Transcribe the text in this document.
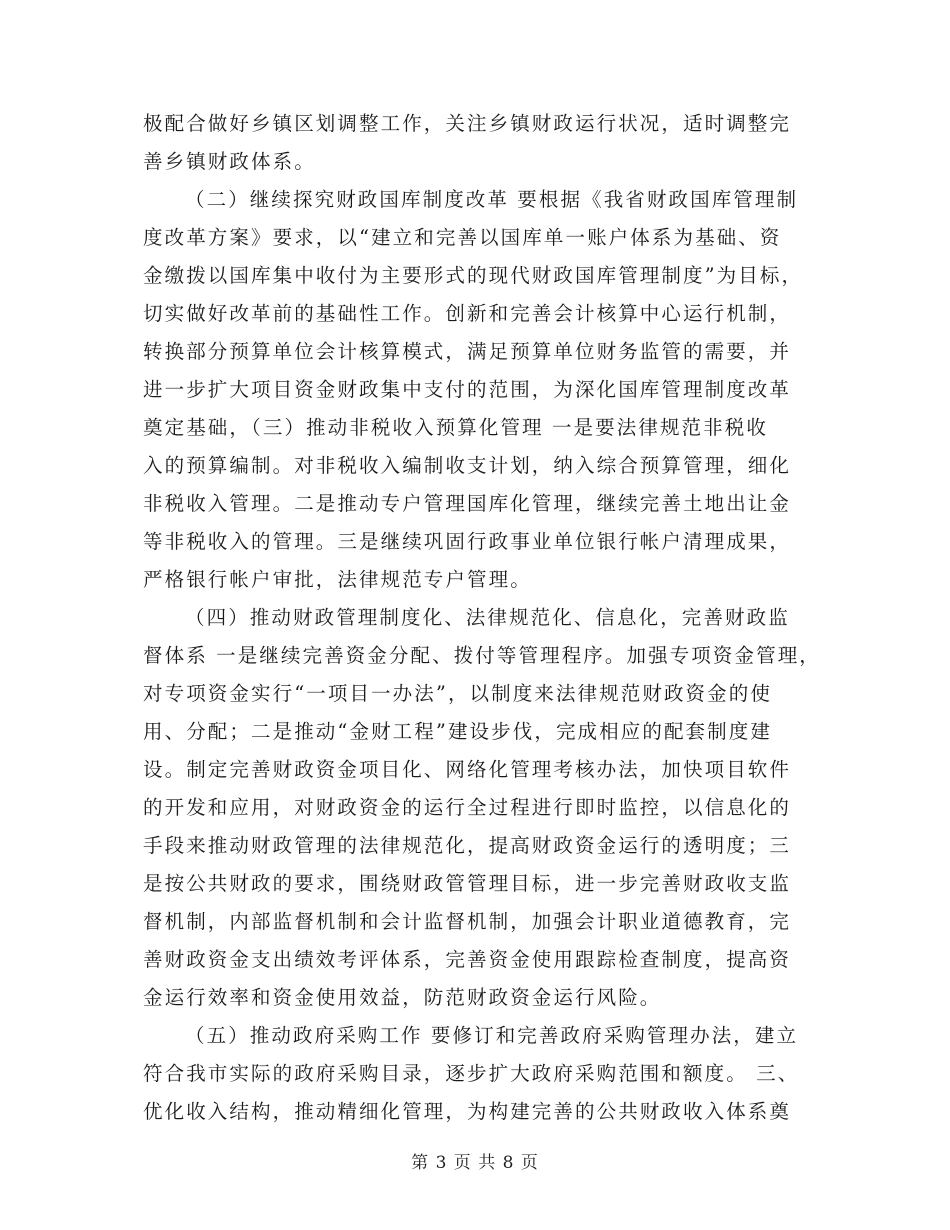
极配合做好乡镇区划调整工作，关注乡镇财政运行状况，适时调整完
善乡镇财政体系。
（二）继续探究财政国库制度改革 要根据《我省财政国库管理制
度改革方案》要求，以“建立和完善以国库单一账户体系为基础、资
金缴拨以国库集中收付为主要形式的现代财政国库管理制度”为目标，
切实做好改革前的基础性工作。创新和完善会计核算中心运行机制，
转换部分预算单位会计核算模式，满足预算单位财务监管的需要，并
进一步扩大项目资金财政集中支付的范围，为深化国库管理制度改革
奠定基础，（三）推动非税收入预算化管理 一是要法律规范非税收
入的预算编制。对非税收入编制收支计划，纳入综合预算管理，细化
非税收入管理。二是推动专户管理国库化管理，继续完善土地出让金
等非税收入的管理。三是继续巩固行政事业单位银行帐户清理成果，
严格银行帐户审批，法律规范专户管理。
（四）推动财政管理制度化、法律规范化、信息化，完善财政监
督体系 一是继续完善资金分配、拨付等管理程序。加强专项资金管理，
对专项资金实行“一项目一办法”，以制度来法律规范财政资金的使
用、分配；二是推动“金财工程”建设步伐，完成相应的配套制度建
设。制定完善财政资金项目化、网络化管理考核办法，加快项目软件
的开发和应用，对财政资金的运行全过程进行即时监控，以信息化的
手段来推动财政管理的法律规范化，提高财政资金运行的透明度；三
是按公共财政的要求，围绕财政管管理目标，进一步完善财政收支监
督机制，内部监督机制和会计监督机制，加强会计职业道德教育，完
善财政资金支出绩效考评体系，完善资金使用跟踪检查制度，提高资
金运行效率和资金使用效益，防范财政资金运行风险。
（五）推动政府采购工作 要修订和完善政府采购管理办法，建立
符合我市实际的政府采购目录，逐步扩大政府采购范围和额度。 三、
优化收入结构，推动精细化管理，为构建完善的公共财政收入体系奠
第 3 页 共 8 页
